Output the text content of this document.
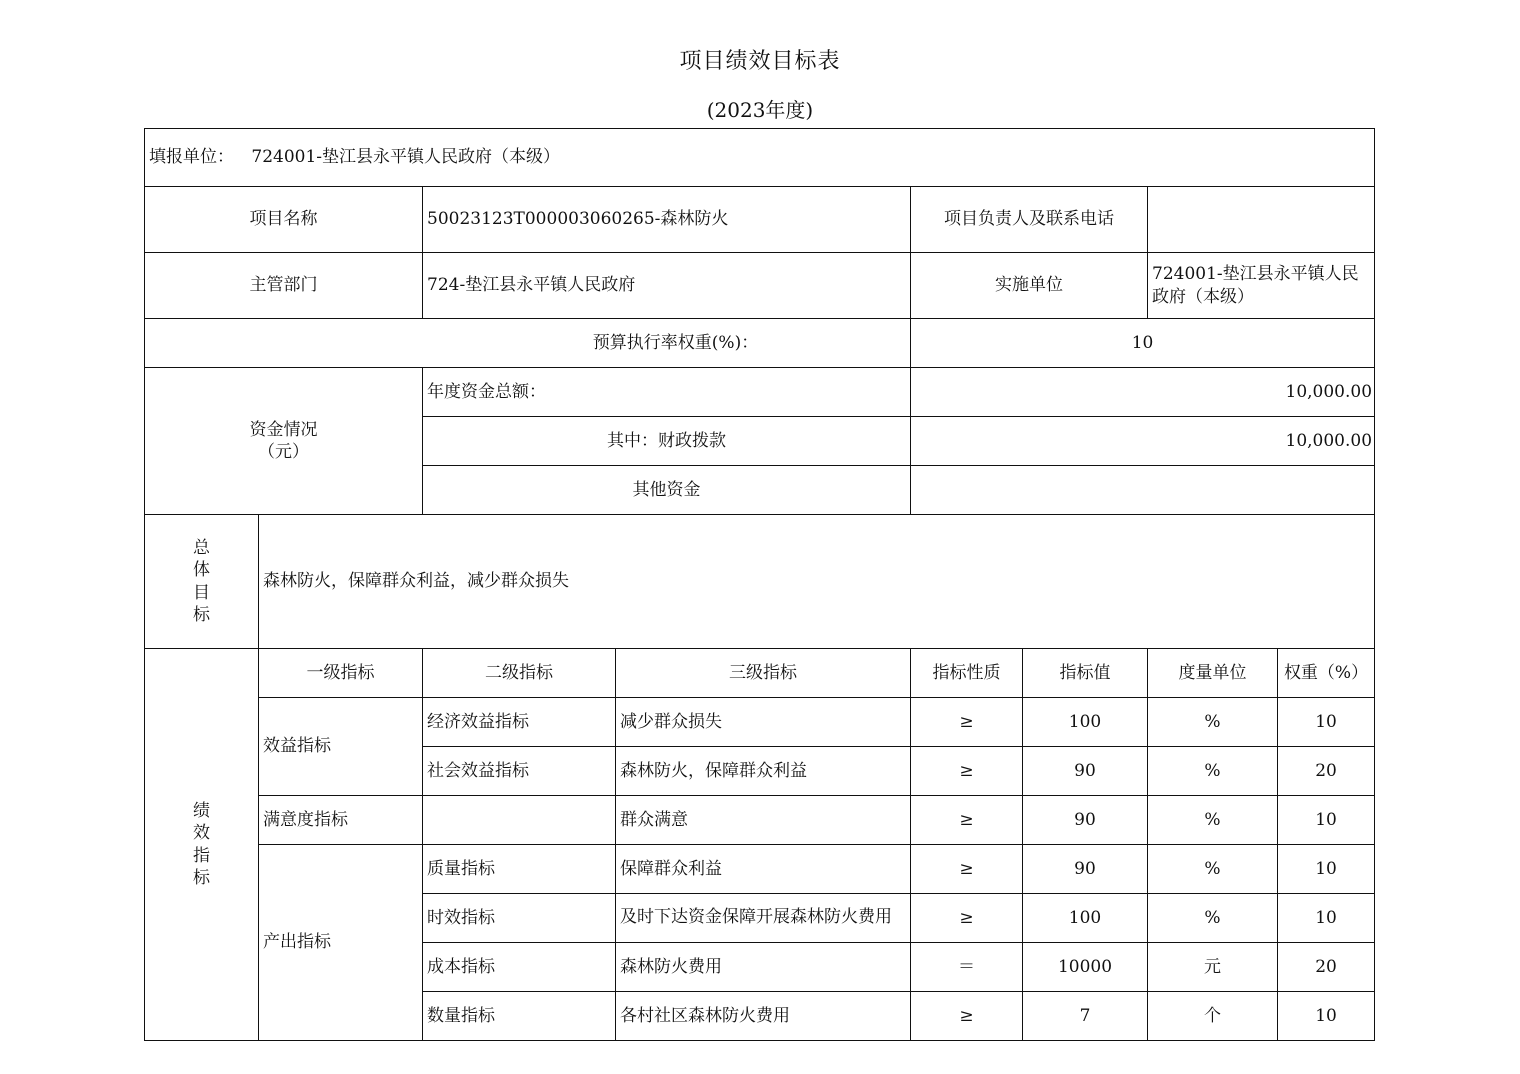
项目绩效目标表
(2023年度)
填报单位： 724001-垫江县永平镇人民政府（本级）							
项目名称		50023123T000003060265-森林防火		项目负责人及联系电话			
主管部门		724-垫江县永平镇人民政府		实施单位		724001-垫江县永平镇人民政府（本级）	
预算执行率权重(%)：				10			

资金情况
（元）		年度资金总额：		10,000.00			
		其中：财政拨款		10,000.00			
		其他资金					

总
体
目
标	森林防火，保障群众利益，减少群众损失						

绩
效
指
标	一级指标	二级指标	三级指标	指标性质	指标值	度量单位	权重（%）
	效益指标	经济效益指标	减少群众损失	≥	100	%	10
		社会效益指标	森林防火，保障群众利益	≥	90	%	20
	满意度指标		群众满意	≥	90	%	10
	产出指标	质量指标	保障群众利益	≥	90	%	10
		时效指标	及时下达资金保障开展森林防火费用	≥	100	%	10
		成本指标	森林防火费用	＝	10000	元	20
		数量指标	各村社区森林防火费用	≥	7	个	10
